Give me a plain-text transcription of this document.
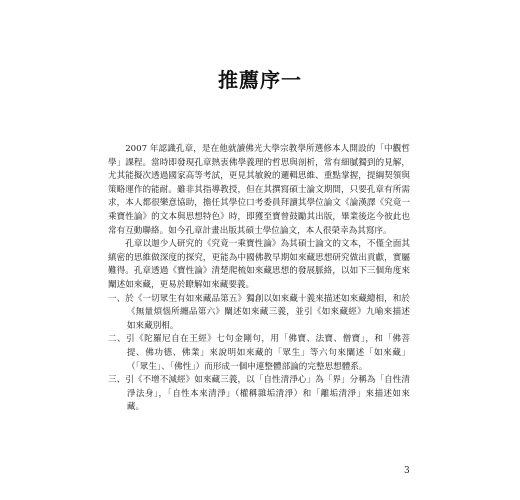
推薦序一

2007 年認識孔章，是在他就讀佛光大學宗教學所選修本人開設的「中觀哲學」課程。當時即發現孔章熱衷佛學義理的哲思與剖析，常有細膩獨到的見解，尤其能擬次透過國家高等考試，更見其敏銳的邏輯思維、重點掌握，提綱契領與策略運作的能耐。雖非其指導教授，但在其撰寫碩士論文期間，只要孔章有所需求，本人都很樂意協助，擔任其學位口考委員拜讀其學位論文《論漢譯《究竟一乘寶性論》的文本與思想特色》時，即獲至寶曾鼓勵其出版，畢業後迄今彼此也常有互動聯絡。如今孔章計畫出版其碩士學位論文，本人很榮幸為其寫序。

孔章以迦少人研究的《究竟一乘寶性論》為其碩士論文的文本，不僅全面其縝密的思維做深度的探究，更能為中國佛教早期如來藏思想研究做出貢獻，實屬難得。孔章透過《寶性論》清楚爬梳如來藏思想的發展脈絡，以如下三個角度來闡述如來藏，更易於瞭解如來藏要義。

一、於《一切眾生有如來藏品第五》獨創以如來藏十義來描述如來藏總相，和於《無量煩惱所纏品第六》闡述如來藏三義，並引《如來藏經》九喻來描述如來藏別相。
二、引《陀羅尼自在王經》七句金剛句，用「佛寶、法寶、僧寶」，和「佛菩提、佛功德、佛業」來說明如來藏的「眾生」等六句來闡述「如來藏」（「眾生」、「佛性」）而形成一個申連整體部論的完整思想體系。
三、引《不增不減經》如來藏三義，以「自性清淨心」為「界」分稱為「自性清淨法身」，「自性本來清淨」（權稱雜垢清淨）和「離垢清淨」來描述如來藏。
3
